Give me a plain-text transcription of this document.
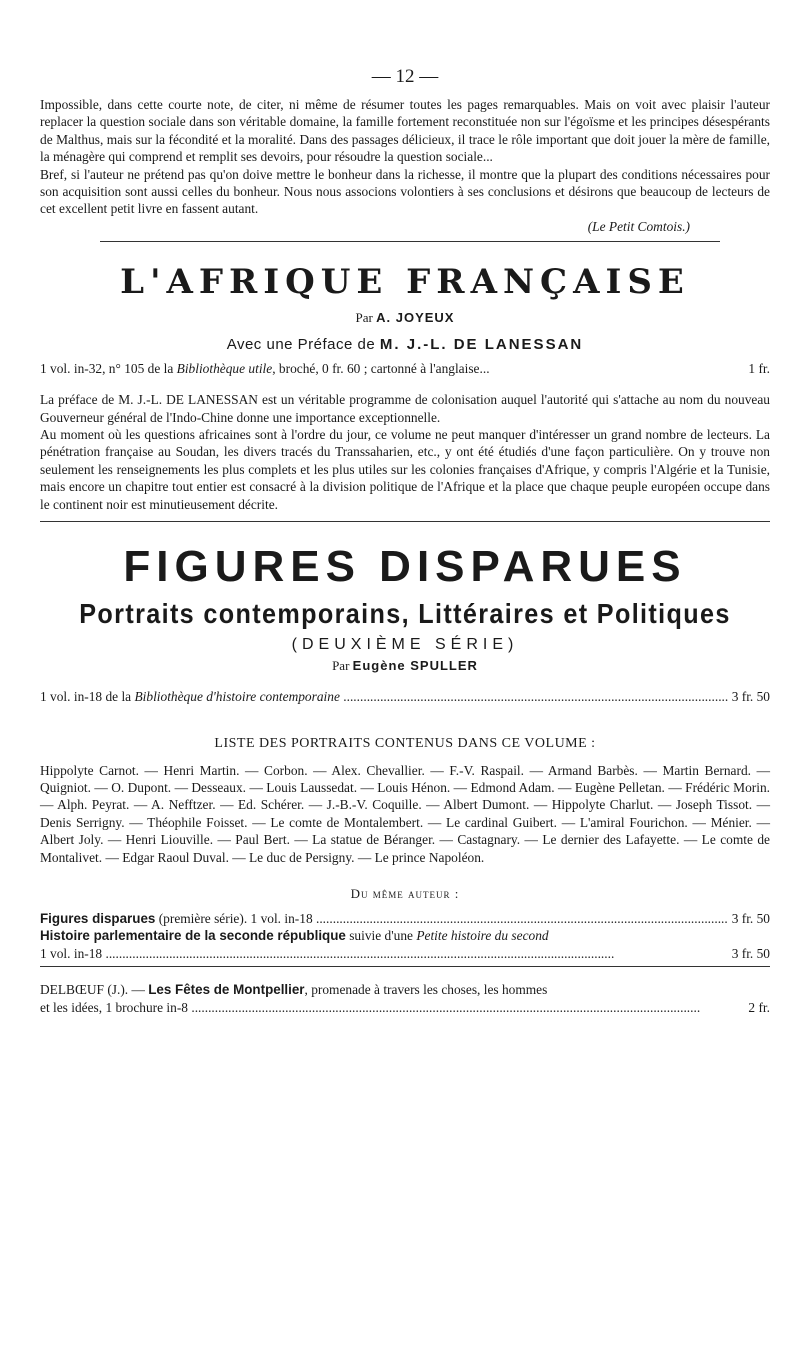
— 12 —

Impossible, dans cette courte note, de citer, ni même de résumer toutes les pages remarquables. Mais on voit avec plaisir l'auteur replacer la question sociale dans son véritable domaine, la famille fortement reconstituée non sur l'égoïsme et les principes désespérants de Malthus, mais sur la fécondité et la moralité. Dans des passages délicieux, il trace le rôle important que doit jouer la mère de famille, la ménagère qui comprend et remplit ses devoirs, pour résoudre la question sociale...

Bref, si l'auteur ne prétend pas qu'on doive mettre le bonheur dans la richesse, il montre que la plupart des conditions nécessaires pour son acquisition sont aussi celles du bonheur. Nous nous associons volontiers à ses conclusions et désirons que beaucoup de lecteurs de cet excellent petit livre en fassent autant.

(Le Petit Comtois.)

L'AFRIQUE FRANÇAISE
Par A. JOYEUX
Avec une Préface de M. J.-L. DE LANESSAN
1 vol. in-32, n° 105 de la Bibliothèque utile, broché, 0 fr. 60 ; cartonné à l'anglaise...	1 fr.

La préface de M. J.-L. DE LANESSAN est un véritable programme de colonisation auquel l'autorité qui s'attache au nom du nouveau Gouverneur général de l'Indo-Chine donne une importance exceptionnelle.

Au moment où les questions africaines sont à l'ordre du jour, ce volume ne peut manquer d'intéresser un grand nombre de lecteurs. La pénétration française au Soudan, les divers tracés du Transsaharien, etc., y ont été étudiés d'une façon particulière. On y trouve non seulement les renseignements les plus complets et les plus utiles sur les colonies françaises d'Afrique, y compris l'Algérie et la Tunisie, mais encore un chapitre tout entier est consacré à la division politique de l'Afrique et la place que chaque peuple européen occupe dans le continent noir est minutieusement décrite.

FIGURES DISPARUES
Portraits contemporains, Littéraires et Politiques
(DEUXIÈME SÉRIE)
Par Eugène SPULLER
1 vol. in-18 de la Bibliothèque d'histoire contemporaine .....	3 fr. 50
LISTE DES PORTRAITS CONTENUS DANS CE VOLUME :

Hippolyte Carnot. — Henri Martin. — Corbon. — Alex. Chevallier. — F.-V. Raspail. — Armand Barbès. — Martin Bernard. — Quigniot. — O. Dupont. — Desseaux. — Louis Laussedat. — Louis Hénon. — Edmond Adam. — Eugène Pelletan. — Frédéric Morin. — Alph. Peyrat. — A. Nefftzer. — Ed. Schérer. — J.-B.-V. Coquille. — Albert Dumont. — Hippolyte Charlut. — Joseph Tissot. — Denis Serrigny. — Théophile Foisset. — Le comte de Montalembert. — Le cardinal Guibert. — L'amiral Fourichon. — Ménier. — Albert Joly. — Henri Liouville. — Paul Bert. — La statue de Béranger. — Castagnary. — Le dernier des Lafayette. — Le comte de Montalivet. — Edgar Raoul Duval. — Le duc de Persigny. — Le prince Napoléon.

Du même auteur :
Figures disparues (première série). 1 vol. in-18 .....	3 fr. 50

Histoire parlementaire de la seconde république suivie d'une Petite histoire du second

1 vol. in-18 .....	3 fr. 50

DELBŒUF (J.). — Les Fêtes de Montpellier, promenade à travers les choses, les hommes

et les idées, 1 brochure in-8 .....	2 fr.
